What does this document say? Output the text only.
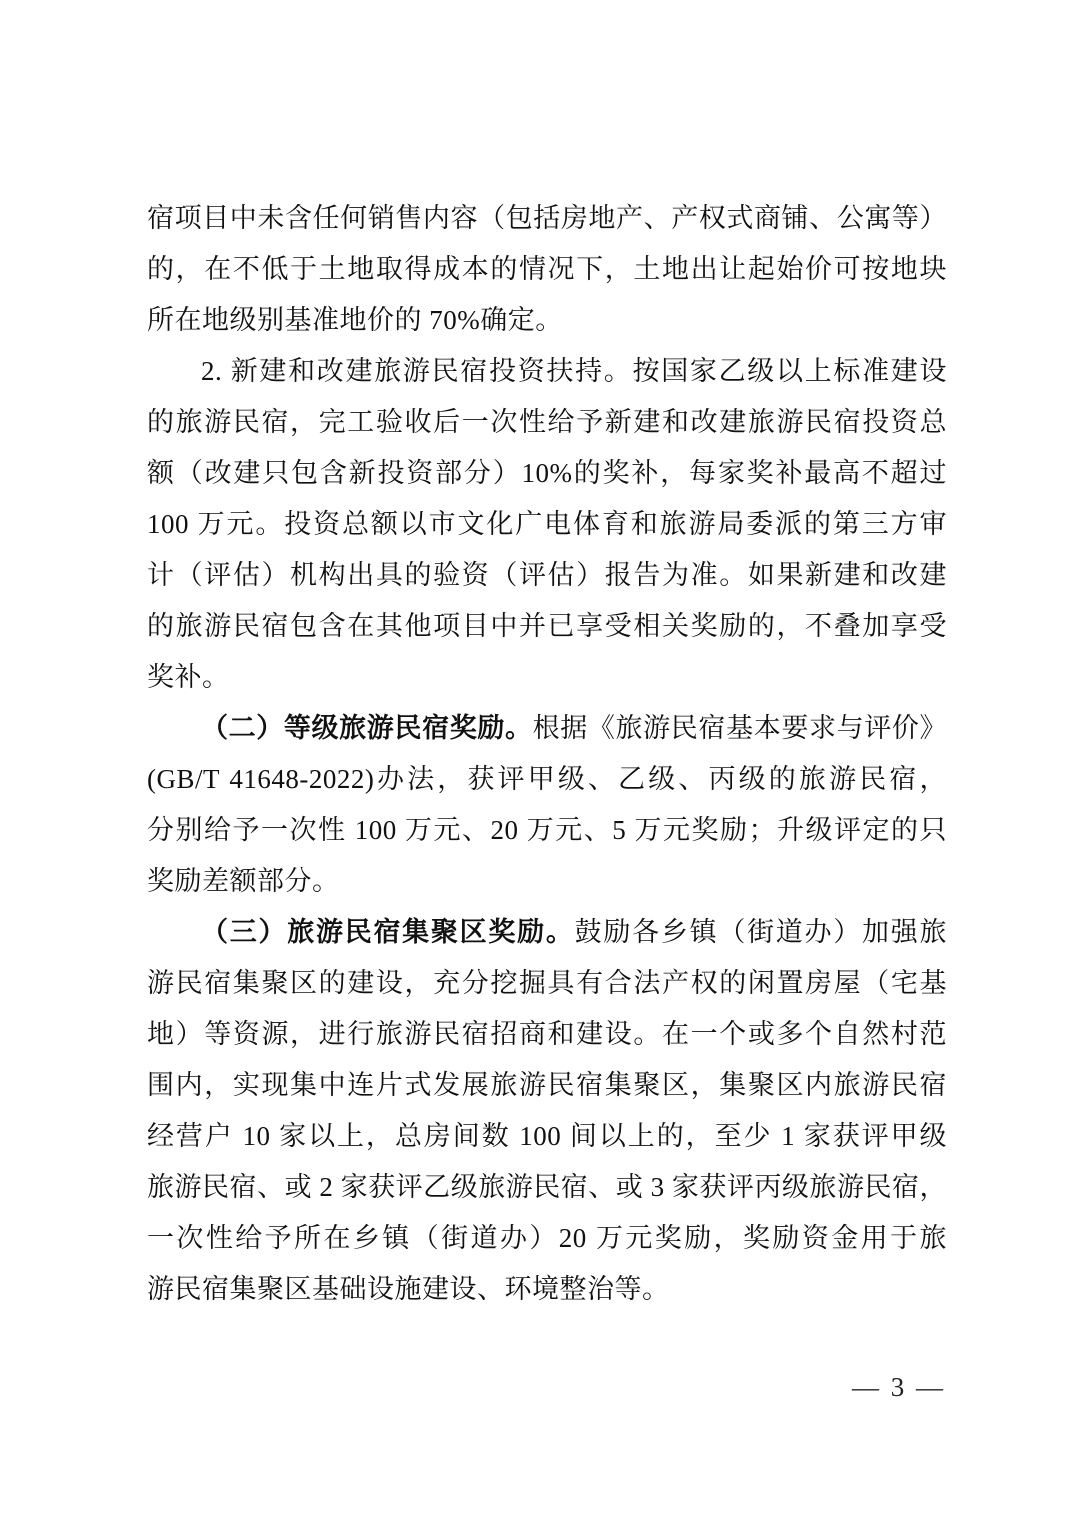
宿项目中未含任何销售内容（包括房地产、产权式商铺、公寓等）
的，在不低于土地取得成本的情况下，土地出让起始价可按地块
所在地级别基准地价的 70%确定。
2. 新建和改建旅游民宿投资扶持。按国家乙级以上标准建设
的旅游民宿，完工验收后一次性给予新建和改建旅游民宿投资总
额（改建只包含新投资部分）10%的奖补，每家奖补最高不超过
100 万元。投资总额以市文化广电体育和旅游局委派的第三方审
计（评估）机构出具的验资（评估）报告为准。如果新建和改建
的旅游民宿包含在其他项目中并已享受相关奖励的，不叠加享受
奖补。
（二）等级旅游民宿奖励。根据《旅游民宿基本要求与评价》
(GB/T 41648-2022)办法，获评甲级、乙级、丙级的旅游民宿，
分别给予一次性 100 万元、20 万元、5 万元奖励；升级评定的只
奖励差额部分。
（三）旅游民宿集聚区奖励。鼓励各乡镇（街道办）加强旅
游民宿集聚区的建设，充分挖掘具有合法产权的闲置房屋（宅基
地）等资源，进行旅游民宿招商和建设。在一个或多个自然村范
围内，实现集中连片式发展旅游民宿集聚区，集聚区内旅游民宿
经营户 10 家以上，总房间数 100 间以上的，至少 1 家获评甲级
旅游民宿、或 2 家获评乙级旅游民宿、或 3 家获评丙级旅游民宿，
一次性给予所在乡镇（街道办）20 万元奖励，奖励资金用于旅
游民宿集聚区基础设施建设、环境整治等。
— 3 —
